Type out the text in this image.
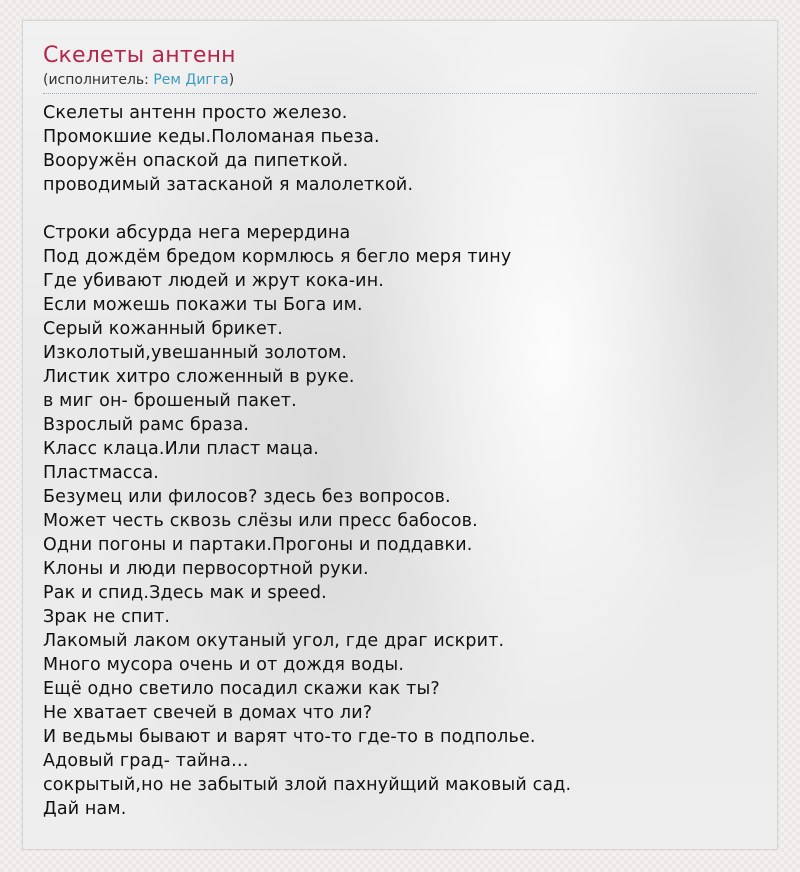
Скелеты антенн
(исполнитель: Рем Дигга)
Скелеты антенн просто железо.
Промокшие кеды.Поломаная пьеза.
Вооружён опаской да пипеткой.
проводимый затасканой я малолеткой.
Строки абсурда нега мерердина
Под дождём бредом кормлюсь я бегло меря тину
Где убивают людей и жрут кока-ин.
Если можешь покажи ты Бога им.
Серый кожанный брикет.
Изколотый,увешанный золотом.
Листик хитро сложенный в руке.
в миг он- брошеный пакет.
Взрослый рамс браза.
Класс клаца.Или пласт маца.
Пластмасса.
Безумец или филосов? здесь без вопросов.
Может честь сквозь слёзы или пресс бабосов.
Одни погоны и партаки.Прогоны и поддавки.
Клоны и люди первосортной руки.
Рак и спид.Здесь мак и speed.
Зрак не спит.
Лакомый лаком окутаный угол, где драг искрит.
Много мусора очень и от дождя воды.
Ещё одно светило посадил скажи как ты?
Не хватает свечей в домах что ли?
И ведьмы бывают и варят что-то где-то в подполье.
Адовый град- тайна…
сокрытый,но не забытый злой пахнуйщий маковый сад.
Дай нам.
